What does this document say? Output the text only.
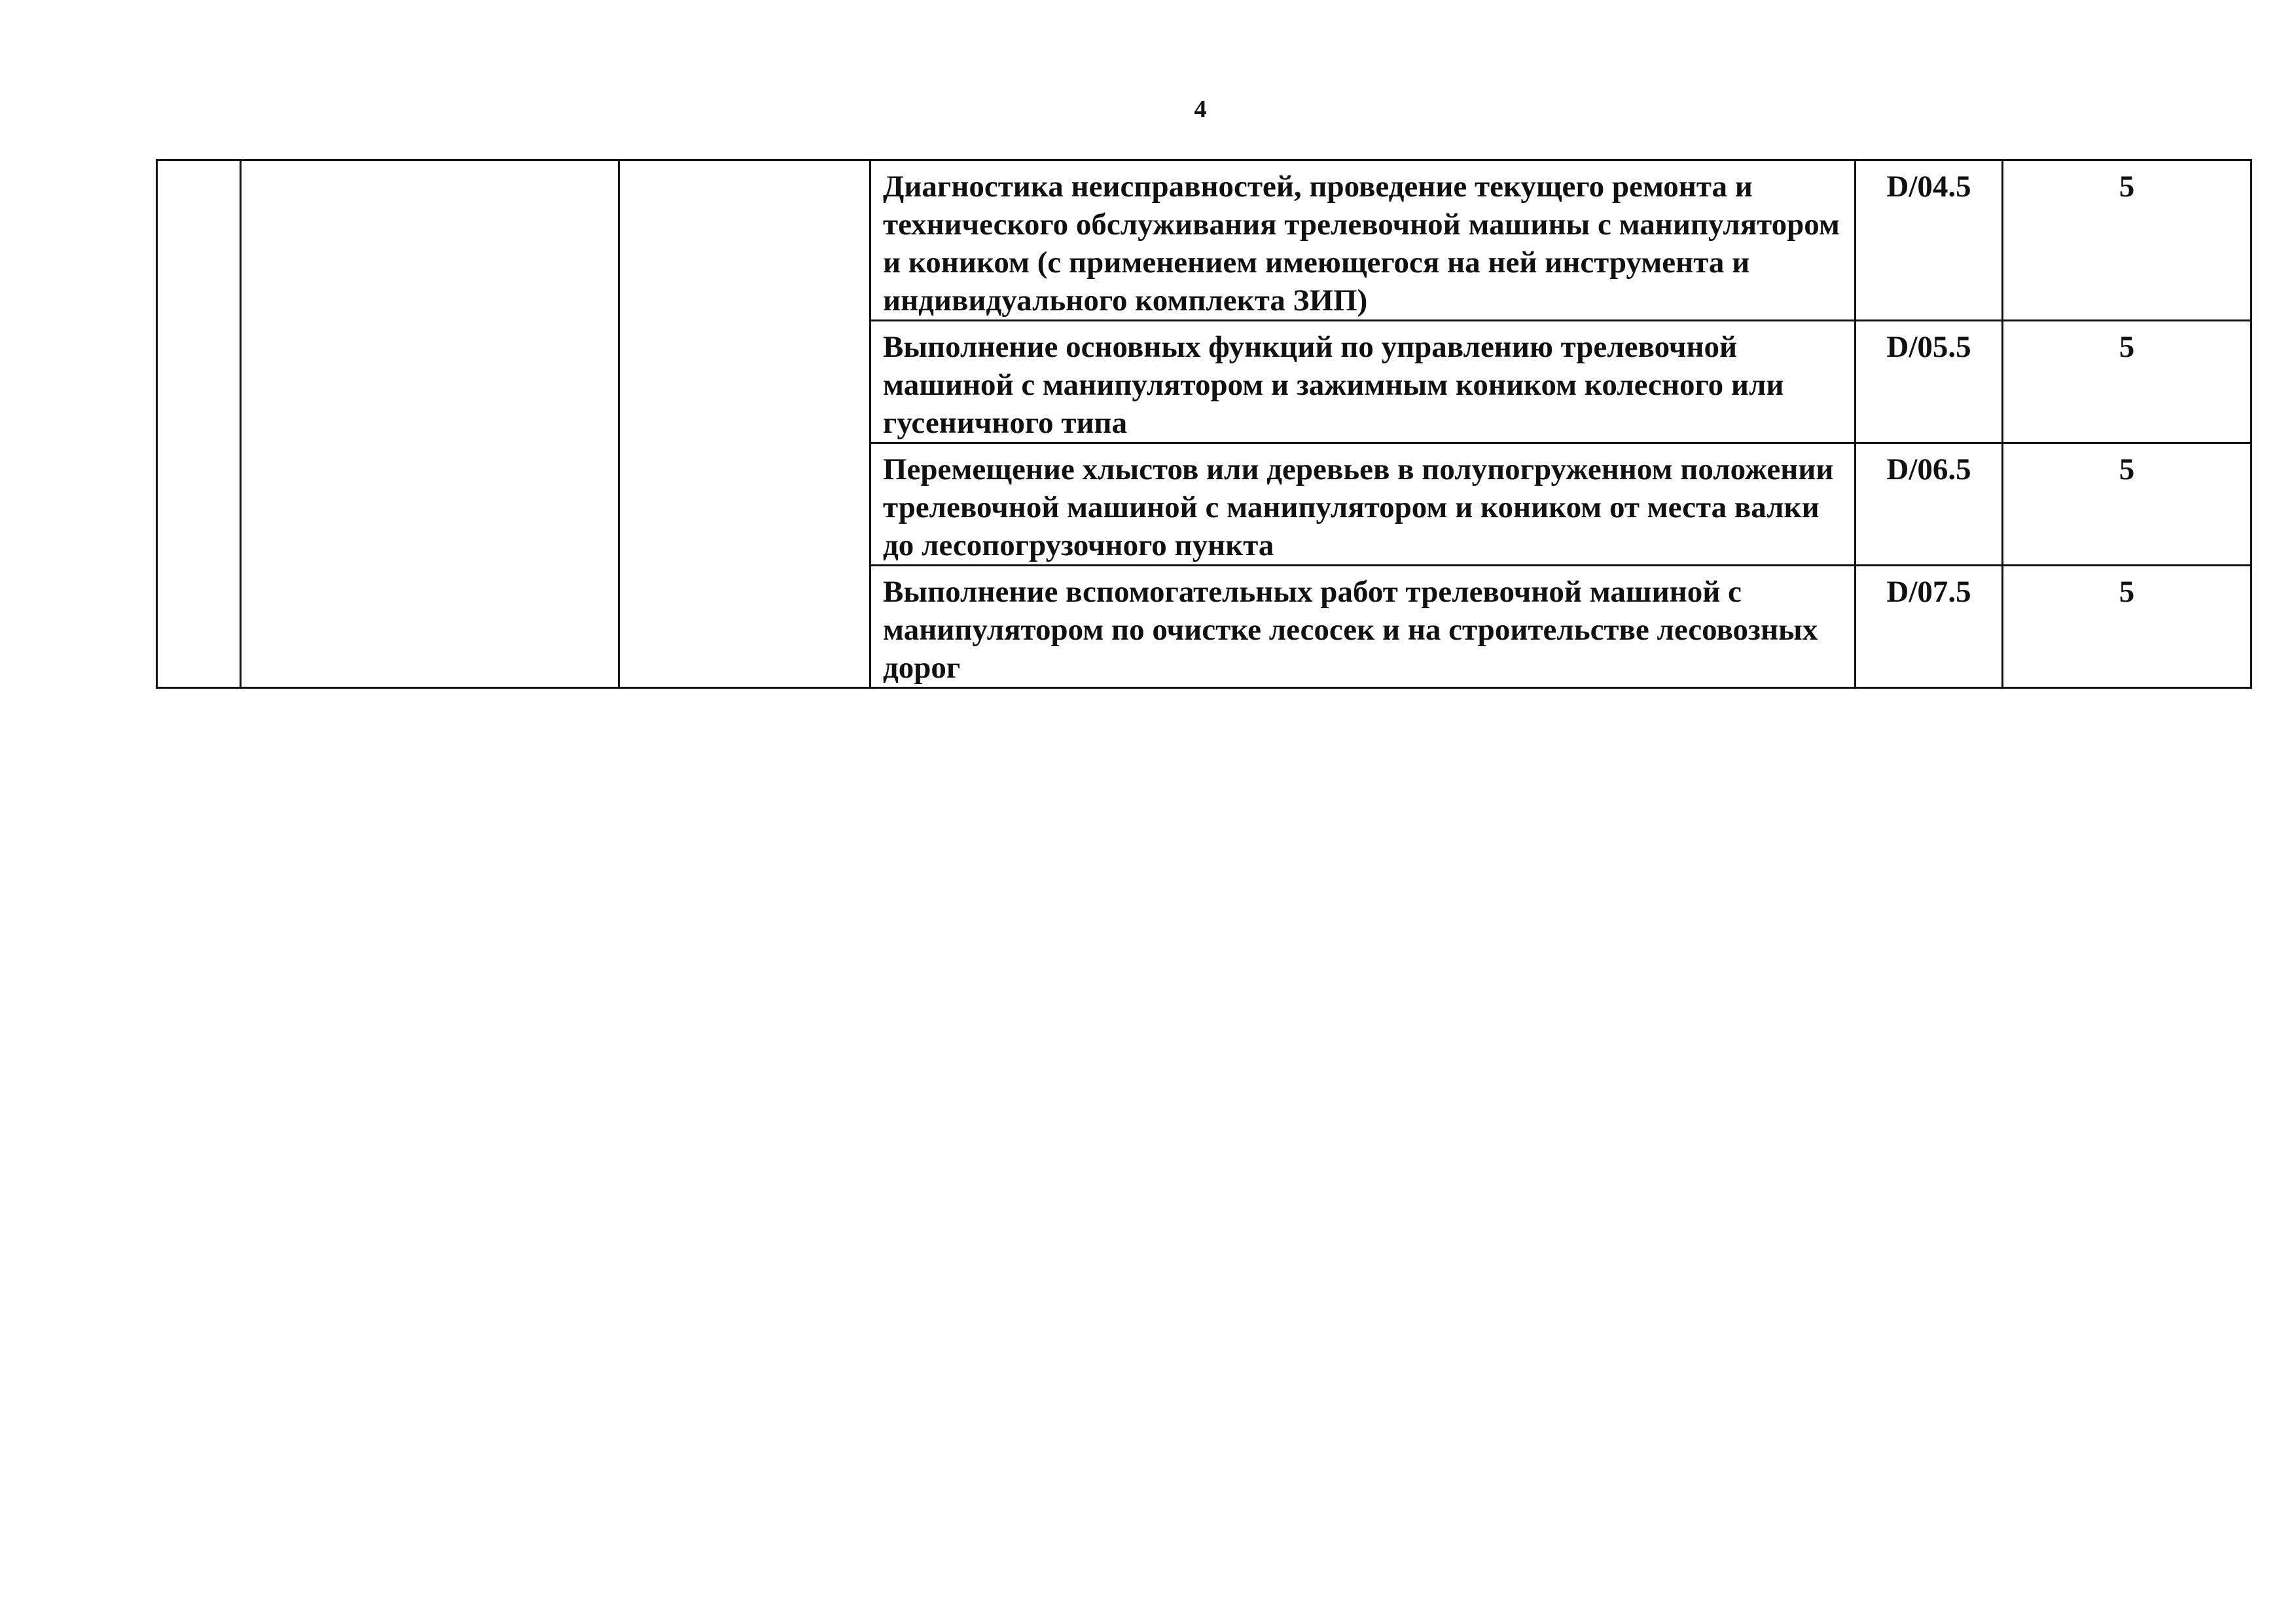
4
			Диагностика неисправностей, проведение текущего ремонта и технического обслуживания трелевочной машины с манипулятором и коником (с применением имеющегося на ней инструмента и индивидуального комплекта ЗИП)	D/04.5	5
			Выполнение основных функций по управлению трелевочной машиной с манипулятором и зажимным коником колесного или гусеничного типа	D/05.5	5
			Перемещение хлыстов или деревьев в полупогруженном положении трелевочной машиной с манипулятором и коником от места валки до лесопогрузочного пункта	D/06.5	5
			Выполнение вспомогательных работ трелевочной машиной с манипулятором по очистке лесосек и на строительстве лесовозных дорог	D/07.5	5
